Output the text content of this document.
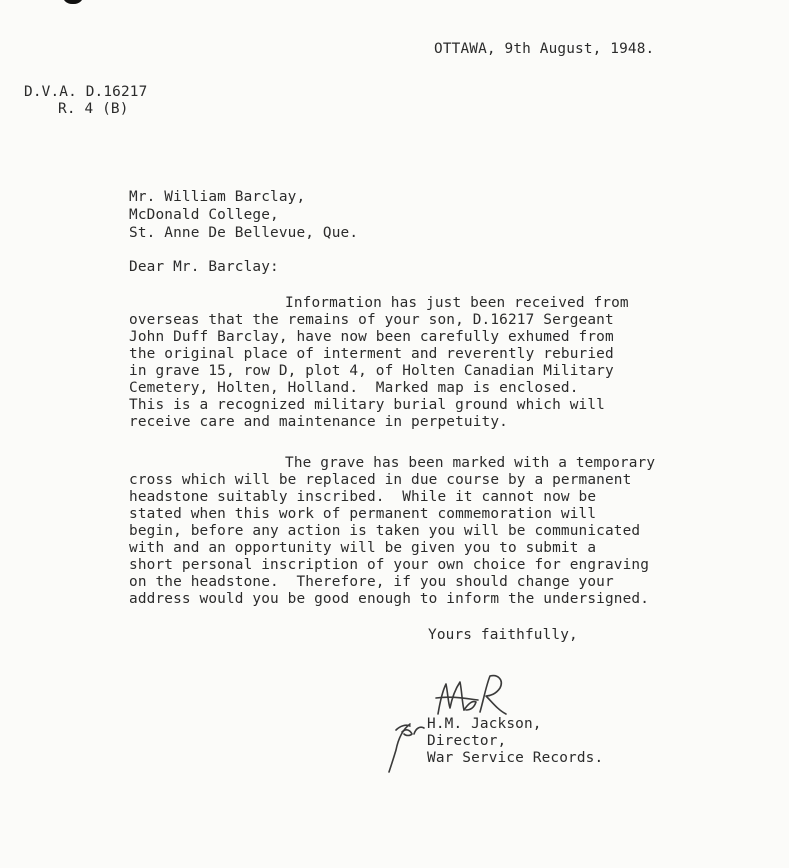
OTTAWA, 9th August, 1948.
D.V.A. D.16217
R. 4 (B)
Mr. William Barclay,
McDonald College,
St. Anne De Bellevue, Que.
Dear Mr. Barclay:
Information has just been received from
overseas that the remains of your son, D.16217 Sergeant
John Duff Barclay, have now been carefully exhumed from
the original place of interment and reverently reburied
in grave 15, row D, plot 4, of Holten Canadian Military
Cemetery, Holten, Holland.  Marked map is enclosed.
This is a recognized military burial ground which will
receive care and maintenance in perpetuity.
The grave has been marked with a temporary
cross which will be replaced in due course by a permanent
headstone suitably inscribed.  While it cannot now be
stated when this work of permanent commemoration will
begin, before any action is taken you will be communicated
with and an opportunity will be given you to submit a
short personal inscription of your own choice for engraving
on the headstone.  Therefore, if you should change your
address would you be good enough to inform the undersigned.
Yours faithfully,
H.M. Jackson,
Director,
War Service Records.
